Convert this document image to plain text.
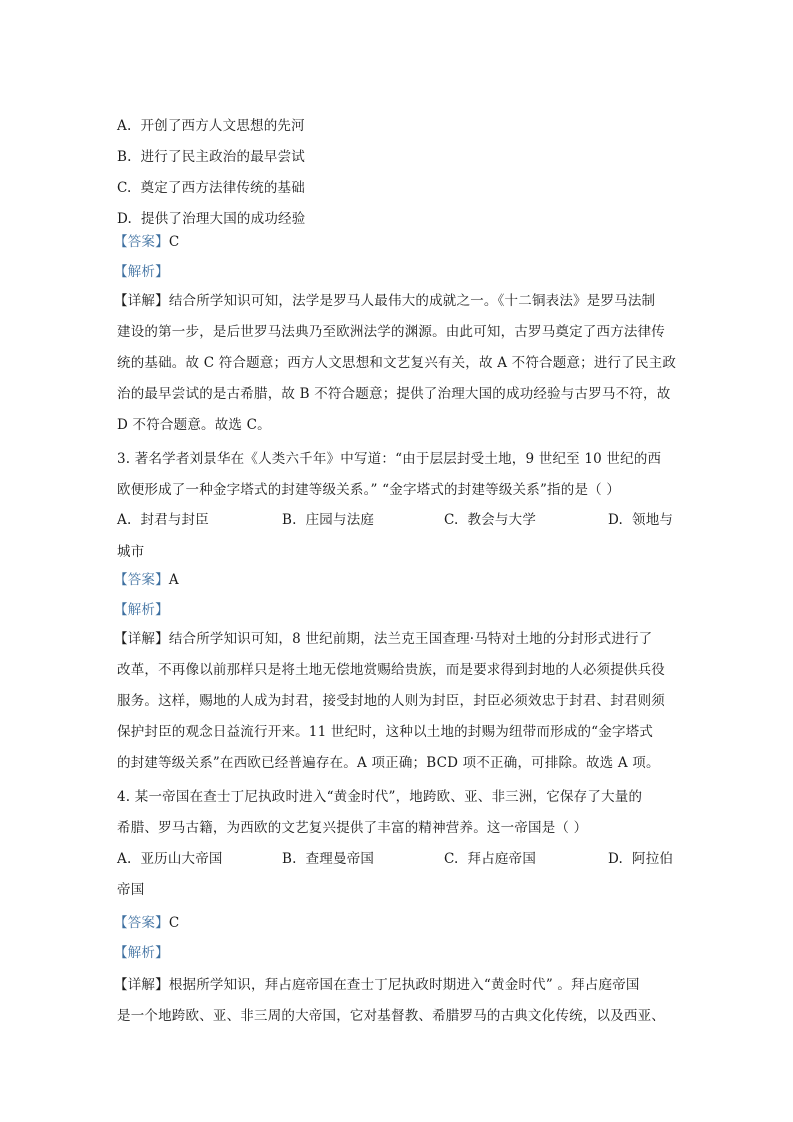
A. 开创了西方人文思想的先河
B. 进行了民主政治的最早尝试
C. 奠定了西方法律传统的基础
D. 提供了治理大国的成功经验
【答案】C
【解析】
【详解】结合所学知识可知，法学是罗马人最伟大的成就之一。《十二铜表法》是罗马法制
建设的第一步，是后世罗马法典乃至欧洲法学的渊源。由此可知，古罗马奠定了西方法律传
统的基础。故 C 符合题意；西方人文思想和文艺复兴有关，故 A 不符合题意；进行了民主政
治的最早尝试的是古希腊，故 B 不符合题意；提供了治理大国的成功经验与古罗马不符，故
D 不符合题意。故选 C。
3. 著名学者刘景华在《人类六千年》中写道：“由于层层封受土地，9 世纪至 10 世纪的西
欧便形成了一种金字塔式的封建等级关系。” “金字塔式的封建等级关系”指的是（ ）
A. 封君与封臣	B. 庄园与法庭	C. 教会与大学	D. 领地与
城市
【答案】A
【解析】
【详解】结合所学知识可知，8 世纪前期，法兰克王国查理·马特对土地的分封形式进行了
改革，不再像以前那样只是将土地无偿地赏赐给贵族，而是要求得到封地的人必须提供兵役
服务。这样，赐地的人成为封君，接受封地的人则为封臣，封臣必须效忠于封君、封君则须
保护封臣的观念日益流行开来。11 世纪时，这种以土地的封赐为纽带而形成的“金字塔式
的封建等级关系”在西欧已经普遍存在。A 项正确；BCD 项不正确，可排除。故选 A 项。
4. 某一帝国在查士丁尼执政时进入“黄金时代”，地跨欧、亚、非三洲，它保存了大量的
希腊、罗马古籍，为西欧的文艺复兴提供了丰富的精神营养。这一帝国是（ ）
A. 亚历山大帝国	B. 查理曼帝国	C. 拜占庭帝国	D. 阿拉伯
帝国
【答案】C
【解析】
【详解】根据所学知识，拜占庭帝国在查士丁尼执政时期进入“黄金时代” 。拜占庭帝国
是一个地跨欧、亚、非三周的大帝国，它对基督教、希腊罗马的古典文化传统，以及西亚、
